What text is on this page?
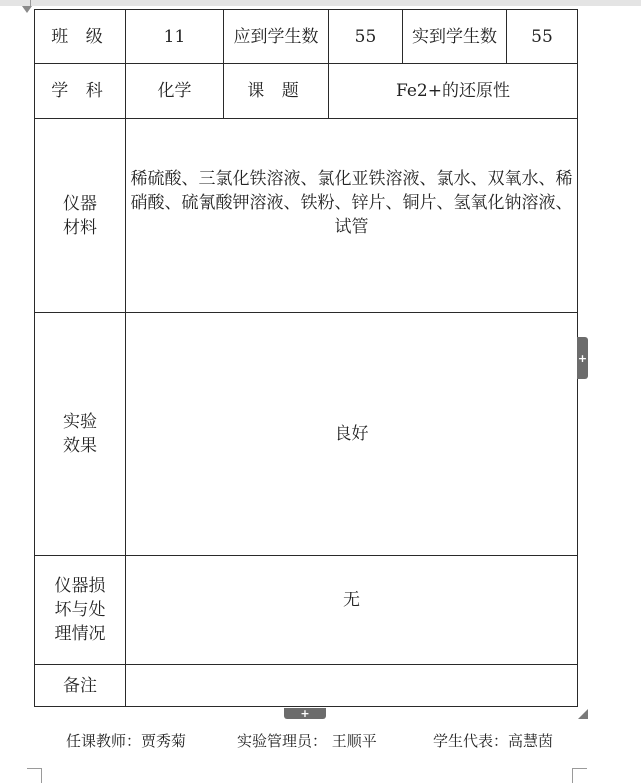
班 级	11	应到学生数	55	实到学生数	55
学 科	化学	课 题	Fe2+的还原性		

仪器
材料	稀硫酸、三氯化铁溶液、氯化亚铁溶液、氯水、双氧水、稀硝酸、硫氰酸钾溶液、铁粉、锌片、铜片、氢氧化钠溶液、试管				

实验
效果	良好				

仪器损
坏与处
理情况	无				
备注					
+
+
任课教师：贾秀菊	实验管理员： 王顺平	学生代表：高慧茵
